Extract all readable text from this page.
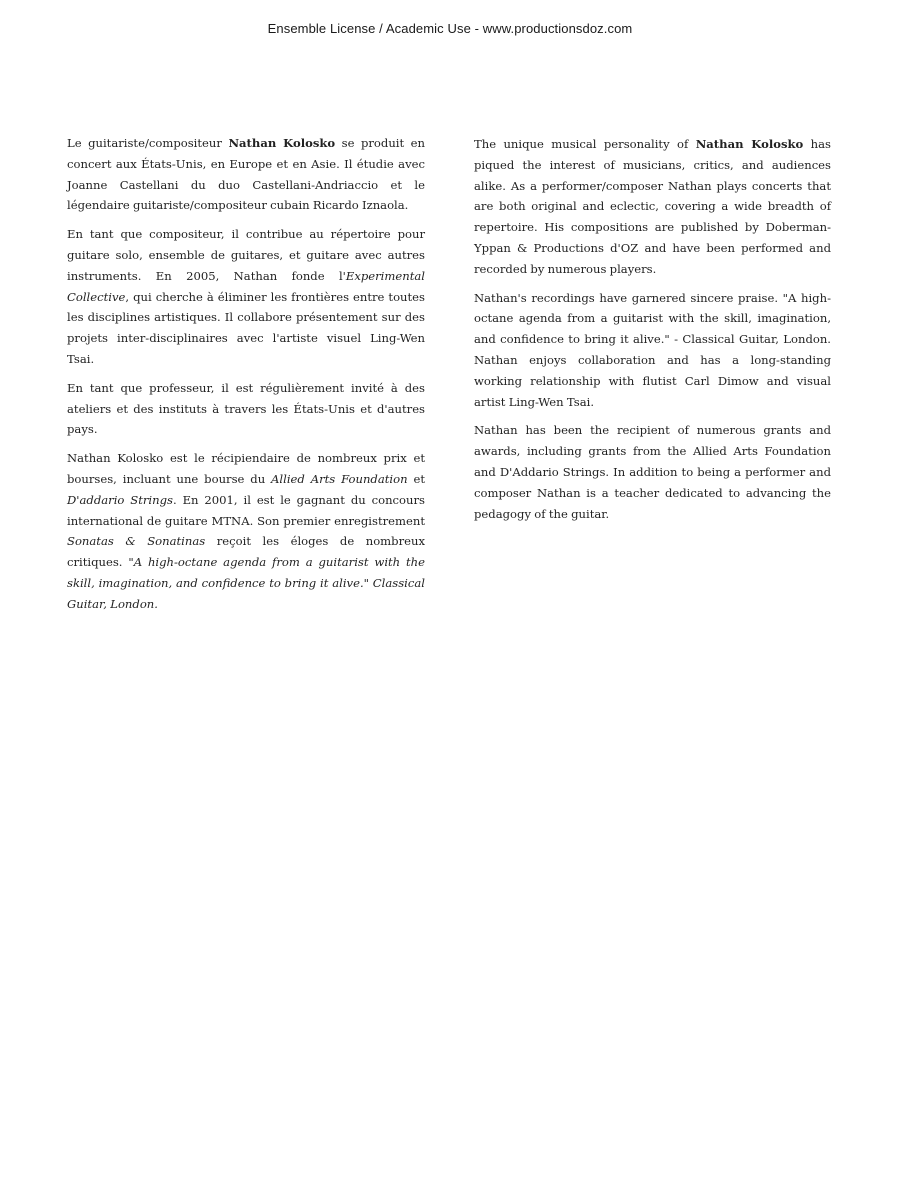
Ensemble License / Academic Use - www.productionsdoz.com

Le guitariste/compositeur Nathan Kolosko se produit en concert aux États-Unis, en Europe et en Asie. Il étudie avec Joanne Castellani du duo Castellani-Andriaccio et le légendaire guitariste/compositeur cubain Ricardo Iznaola.

En tant que compositeur, il contribue au répertoire pour guitare solo, ensemble de guitares, et guitare avec autres instruments. En 2005, Nathan fonde l'Experimental Collective, qui cherche à éliminer les frontières entre toutes les disciplines artistiques. Il collabore présentement sur des projets inter-disciplinaires avec l'artiste visuel Ling-Wen Tsai.

En tant que professeur, il est régulièrement invité à des ateliers et des instituts à travers les États-Unis et d'autres pays.

Nathan Kolosko est le récipiendaire de nombreux prix et bourses, incluant une bourse du Allied Arts Foundation et D'addario Strings. En 2001, il est le gagnant du concours international de guitare MTNA. Son premier enregistrement Sonatas & Sonatinas reçoit les éloges de nombreux critiques. "A high-octane agenda from a guitarist with the skill, imagination, and confidence to bring it alive." Classical Guitar, London.

The unique musical personality of Nathan Kolosko has piqued the interest of musicians, critics, and audiences alike. As a performer/composer Nathan plays concerts that are both original and eclectic, covering a wide breadth of repertoire. His compositions are published by Doberman-Yppan & Productions d'OZ and have been performed and recorded by numerous players.

Nathan's recordings have garnered sincere praise. "A high-octane agenda from a guitarist with the skill, imagination, and confidence to bring it alive." - Classical Guitar, London. Nathan enjoys collaboration and has a long-standing working relationship with flutist Carl Dimow and visual artist Ling-Wen Tsai.

Nathan has been the recipient of numerous grants and awards, including grants from the Allied Arts Foundation and D'Addario Strings. In addition to being a performer and composer Nathan is a teacher dedicated to advancing the pedagogy of the guitar.
